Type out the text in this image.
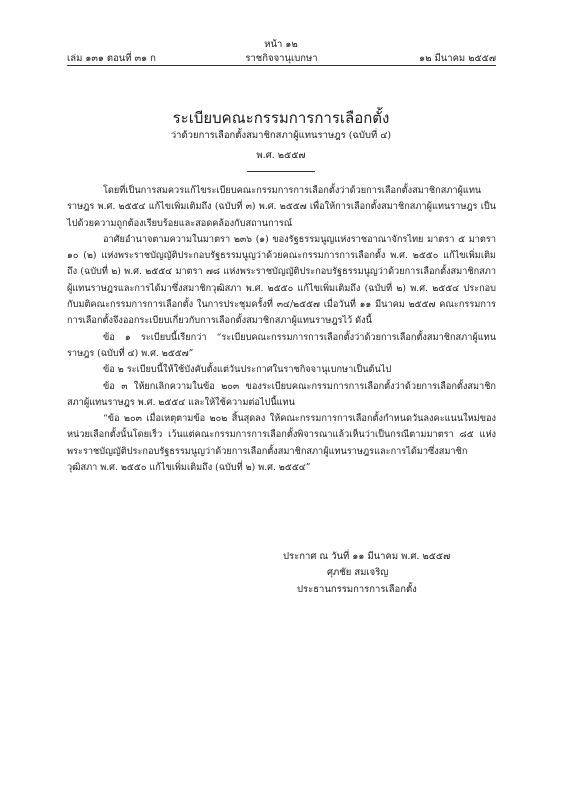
หน้า ๑๒
เล่ม ๑๓๑ ตอนที่ ๓๑ ก	ราชกิจจานุเบกษา	๑๒ มีนาคม ๒๕๕๗
ระเบียบคณะกรรมการการเลือกตั้ง
ว่าด้วยการเลือกตั้งสมาชิกสภาผู้แทนราษฎร (ฉบับที่ ๔)
พ.ศ. ๒๕๕๗

โดยที่เป็นการสมควรแก้ไขระเบียบคณะกรรมการการเลือกตั้งว่าด้วยการเลือกตั้งสมาชิกสภาผู้แทนราษฎร พ.ศ. ๒๕๕๔ แก้ไขเพิ่มเติมถึง (ฉบับที่ ๓) พ.ศ. ๒๕๕๗ เพื่อให้การเลือกตั้งสมาชิกสภาผู้แทนราษฎร เป็นไปด้วยความถูกต้องเรียบร้อยและสอดคล้องกับสถานการณ์

อาศัยอำนาจตามความในมาตรา ๒๓๖ (๑) ของรัฐธรรมนูญแห่งราชอาณาจักรไทย มาตรา ๕ มาตรา ๑๐ (๒) แห่งพระราชบัญญัติประกอบรัฐธรรมนูญว่าด้วยคณะกรรมการการเลือกตั้ง พ.ศ. ๒๕๕๐ แก้ไขเพิ่มเติมถึง (ฉบับที่ ๒) พ.ศ. ๒๕๕๔ มาตรา ๗๘ แห่งพระราชบัญญัติประกอบรัฐธรรมนูญว่าด้วยการเลือกตั้งสมาชิกสภาผู้แทนราษฎรและการได้มาซึ่งสมาชิกวุฒิสภา พ.ศ. ๒๕๕๐ แก้ไขเพิ่มเติมถึง (ฉบับที่ ๒) พ.ศ. ๒๕๕๔ ประกอบกับมติคณะกรรมการการเลือกตั้ง ในการประชุมครั้งที่ ๓๔/๒๕๕๗ เมื่อวันที่ ๑๑ มีนาคม ๒๕๕๗ คณะกรรมการการเลือกตั้งจึงออกระเบียบเกี่ยวกับการเลือกตั้งสมาชิกสภาผู้แทนราษฎรไว้ ดังนี้

ข้อ ๑ ระเบียบนี้เรียกว่า “ระเบียบคณะกรรมการการเลือกตั้งว่าด้วยการเลือกตั้งสมาชิกสภาผู้แทนราษฎร (ฉบับที่ ๔) พ.ศ. ๒๕๕๗”

ข้อ ๒ ระเบียบนี้ให้ใช้บังคับตั้งแต่วันประกาศในราชกิจจานุเบกษาเป็นต้นไป

ข้อ ๓ ให้ยกเลิกความในข้อ ๒๐๓ ของระเบียบคณะกรรมการการเลือกตั้งว่าด้วยการเลือกตั้งสมาชิกสภาผู้แทนราษฎร พ.ศ. ๒๕๕๔ และให้ใช้ความต่อไปนี้แทน

“ข้อ ๒๐๓ เมื่อเหตุตามข้อ ๒๐๒ สิ้นสุดลง ให้คณะกรรมการการเลือกตั้งกำหนดวันลงคะแนนใหม่ของหน่วยเลือกตั้งนั้นโดยเร็ว เว้นแต่คณะกรรมการการเลือกตั้งพิจารณาแล้วเห็นว่าเป็นกรณีตามมาตรา ๘๕ แห่งพระราชบัญญัติประกอบรัฐธรรมนูญว่าด้วยการเลือกตั้งสมาชิกสภาผู้แทนราษฎรและการได้มาซึ่งสมาชิกวุฒิสภา พ.ศ. ๒๕๕๐ แก้ไขเพิ่มเติมถึง (ฉบับที่ ๒) พ.ศ. ๒๕๕๔”

ประกาศ ณ วันที่ ๑๑ มีนาคม พ.ศ. ๒๕๕๗
ศุภชัย สมเจริญ
ประธานกรรมการการเลือกตั้ง
